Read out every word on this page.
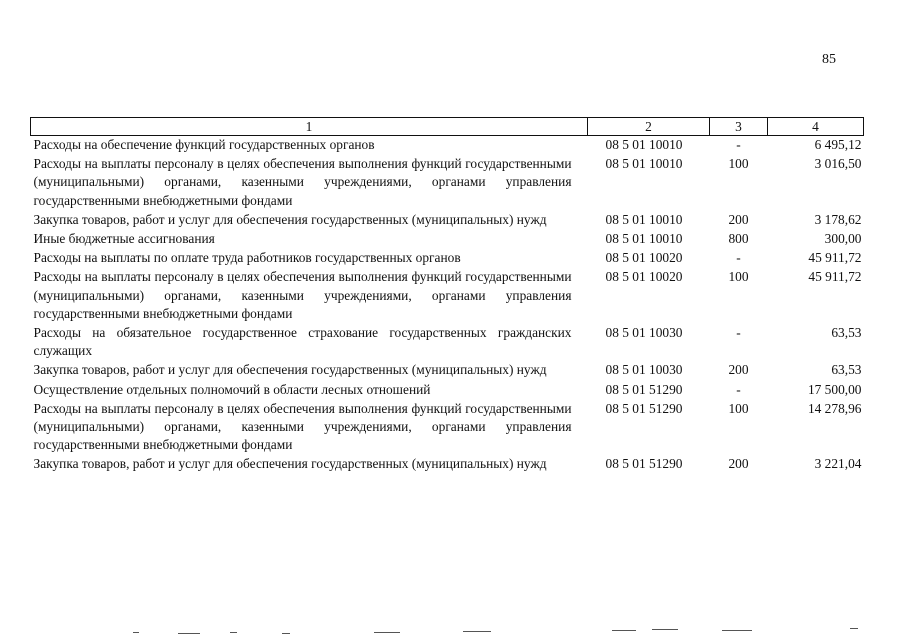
85
1	2	3	4
Расходы на обеспечение функций государственных органов	08 5 01 10010	-	6 495,12
Расходы на выплаты персоналу в целях обеспечения выполнения функций государственными (муниципальными) органами, казенными учреждениями, органами управления государственными внебюджетными фондами	08 5 01 10010	100	3 016,50
Закупка товаров, работ и услуг для обеспечения государственных (муниципальных) нужд	08 5 01 10010	200	3 178,62
Иные бюджетные ассигнования	08 5 01 10010	800	300,00
Расходы на выплаты по оплате труда работников государственных органов	08 5 01 10020	-	45 911,72
Расходы на выплаты персоналу в целях обеспечения выполнения функций государственными (муниципальными) органами, казенными учреждениями, органами управления государственными внебюджетными фондами	08 5 01 10020	100	45 911,72
Расходы на обязательное государственное страхование государственных гражданских служащих	08 5 01 10030	-	63,53
Закупка товаров, работ и услуг для обеспечения государственных (муниципальных) нужд	08 5 01 10030	200	63,53
Осуществление отдельных полномочий в области лесных отношений	08 5 01 51290	-	17 500,00
Расходы на выплаты персоналу в целях обеспечения выполнения функций государственными (муниципальными) органами, казенными учреждениями, органами управления государственными внебюджетными фондами	08 5 01 51290	100	14 278,96
Закупка товаров, работ и услуг для обеспечения государственных (муниципальных) нужд	08 5 01 51290	200	3 221,04
